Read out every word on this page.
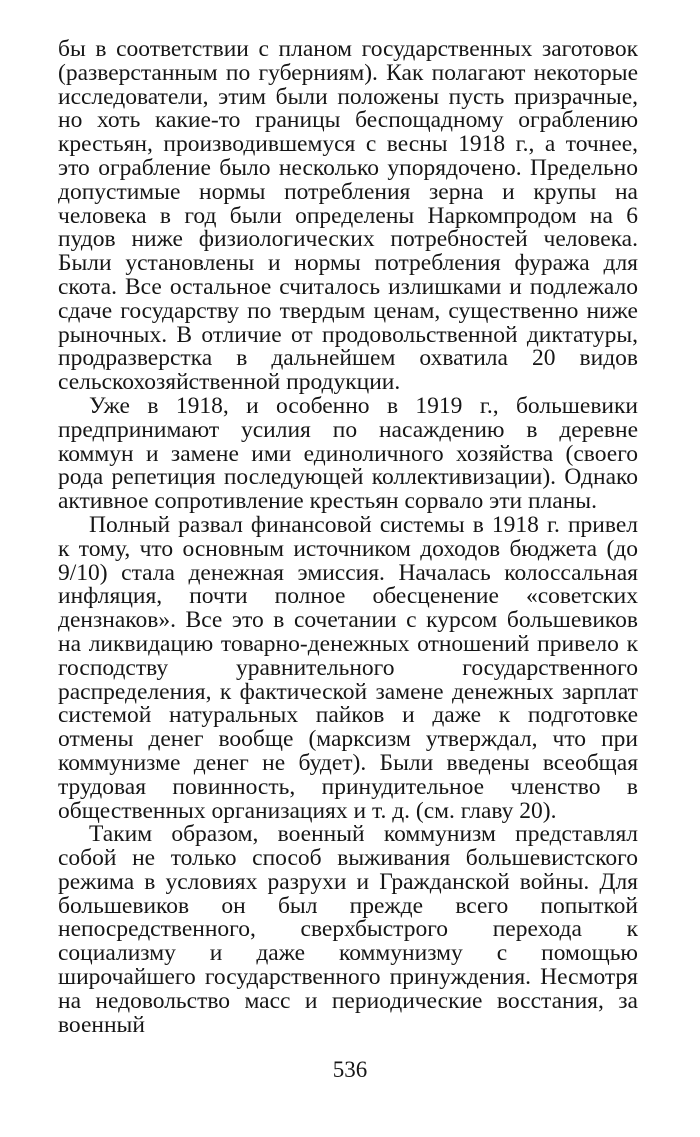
бы в соответствии с планом государственных заготовок (разверстанным по губерниям). Как полагают некоторые исследователи, этим были положены пусть призрачные, но хоть какие-то границы беспощадному ограблению крестьян, производившемуся с весны 1918 г., а точнее, это ограбление было несколько упорядочено. Предельно допустимые нормы потребления зерна и крупы на человека в год были определены Наркомпродом на 6 пудов ниже физиологических потребностей человека. Были установлены и нормы потребления фуража для скота. Все остальное считалось излишками и подлежало сдаче государству по твердым ценам, существенно ниже рыночных. В отличие от продовольственной диктатуры, продразверстка в дальнейшем охватила 20 видов сельскохозяйственной продукции.

Уже в 1918, и особенно в 1919 г., большевики предпринимают усилия по насаждению в деревне коммун и замене ими единоличного хозяйства (своего рода репетиция последующей коллективизации). Однако активное сопротивление крестьян сорвало эти планы.

Полный развал финансовой системы в 1918 г. привел к тому, что основным источником доходов бюджета (до 9/10) стала денежная эмиссия. Началась колоссальная инфляция, почти полное обесценение «советских дензнаков». Все это в сочетании с курсом большевиков на ликвидацию товарно-денежных отношений привело к господству уравнительного государственного распределения, к фактической замене денежных зарплат системой натуральных пайков и даже к подготовке отмены денег вообще (марксизм утверждал, что при коммунизме денег не будет). Были введены всеобщая трудовая повинность, принудительное членство в общественных организациях и т. д. (см. главу 20).

Таким образом, военный коммунизм представлял собой не только способ выживания большевистского режима в условиях разрухи и Гражданской войны. Для большевиков он был прежде всего попыткой непосредственного, сверхбыстрого перехода к социализму и даже коммунизму с помощью широчайшего государственного принуждения. Несмотря на недовольство масс и периодические восстания, за военный

536
